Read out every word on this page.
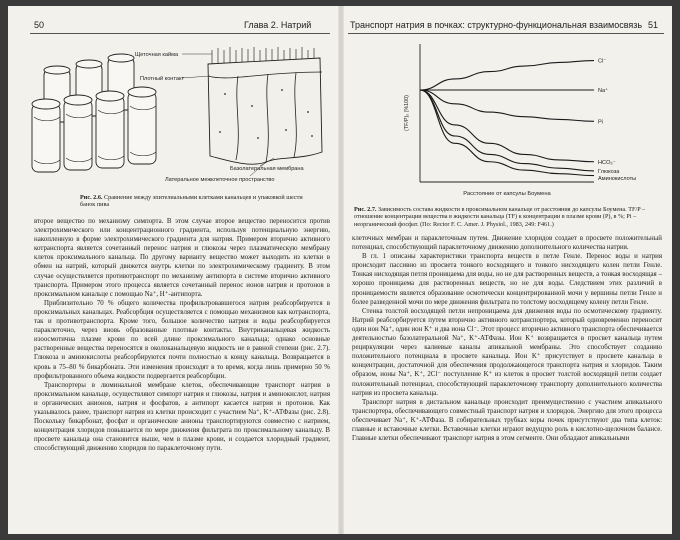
50	Глава 2. Натрий
Щеточная кайма
Плотный контакт
Базолатеральная мембрана
Латеральное межклеточное пространство
Рис. 2.6. Сравнение между эпителиальными клетками канальцев и упаковкой шести банок пива

второе вещество по механизму симпорта. В этом случае второе вещество переносится против электрохимического или концентрационного градиента, используя потенциальную энергию, накопленную в форме электрохимического градиента для натрия. Примером вторично активного котранспорта является сочетанный перенос натрия и глюкозы через плазматическую мембрану клеток проксимального канальца. По другому варианту вещество может выходить из клетки в обмен на натрий, который движется внутрь клетки по электрохимическому градиенту. В этом случае осуществляется противотранспорт по механизму антипорта в системе вторично активного транспорта. Примером этого процесса является сочетанный перенос ионов натрия и протонов в проксимальном канальце с помощью Na⁺, H⁺-антипорта.

Приблизительно 70 % общего количества профильтровавшегося натрия реабсорбируется в проксимальных канальцах. Реабсорбция осуществляется с помощью механизмов как котранспорта, так и противотранспорта. Кроме того, большое количество натрия и воды реабсорбируется параклеточно, через вновь образованные плотные контакты. Внутриканальцевая жидкость изоосмотична плазме крови по всей длине проксимального канальца; однако основные растворенные вещества переносятся в околоканальцевую жидкость не в равной степени (рис. 2.7). Глюкоза и аминокислоты реабсорбируются почти полностью к концу канальца. Возвращается в кровь в 75–80 % бикарбоната. Эти изменения происходят в то время, когда лишь примерно 50 % профильтрованного объема жидкости подвергается реабсорбции.

Транспортеры в люминальной мембране клеток, обеспечивающие транспорт натрия в проксимальном канальце, осуществляют симпорт натрия и глюкозы, натрия и аминокислот, натрия и органических анионов, натрия и фосфатов, а антипорт касается натрия и протонов. Как указывалось ранее, транспорт натрия из клетки происходит с участием Na⁺, K⁺-АТФазы (рис. 2.8). Поскольку бикарбонат, фосфат и органические анионы транспортируются совместно с натрием, концентрация хлоридов повышается по мере движения фильтрата по проксимальному канальцу. В просвете канальца она становится выше, чем в плазме крови, и создается хлоридный градиент, способствующий движению хлоридов по параклеточному пути.

Транспорт натрия в почках: структурно-функциональная взаимосвязь 51
(TF/P)ₓ (%100)
Расстояние от капсулы Боумена
Cl⁻
Na⁺
Pi
HCO₃⁻
Глюкоза
Аминокислоты
Рис. 2.7. Зависимость состава жидкости в проксимальном канальце от расстояния до капсулы Боумена. TF/P – отношение концентрации вещества в жидкости канальца (TF) к концентрации в плазме крови (P), в %; Pi – неорганический фосфат. (По: Rector F. C. Amer. J. Physiol., 1983, 249: F461.)

клеточных мембран и параклеточным путем. Движение хлоридов создает в просвете положительный потенциал, способствующий параклеточному движению дополнительного количества натрия.

В гл. 1 описаны характеристики транспорта веществ в петле Генле. Перенос воды и натрия происходит пассивно из просвета тонкого восходящего и тонкого нисходящего колен петли Генле. Тонкая нисходящая петля проницаема для воды, но не для растворенных веществ, а тонкая восходящая – хорошо проницаема для растворенных веществ, но не для воды. Следствием этих различий в проницаемости является образование осмотически концентрированной мочи у вершины петли Генле и более разведенной мочи по мере движения фильтрата по толстому восходящему колену петли Генле.

Стенка толстой восходящей петли непроницаема для движения воды по осмотическому градиенту. Натрий реабсорбируется путем вторично активного котранспортера, который одновременно переносит один ион Na⁺, один ион K⁺ и два иона Cl⁻. Этот процесс вторично активного транспорта обеспечивается деятельностью базолатеральной Na⁺, K⁺-АТФазы. Ион K⁺ возвращается в просвет канальца путем рециркуляции через калиевые каналы апикальной мембраны. Это способствует созданию положительного потенциала в просвете канальца. Ион K⁺ присутствует в просвете канальца в концентрации, достаточной для обеспечения продолжающегося транспорта натрия и хлоридов. Таким образом, ионы Na⁺, K⁺, 2Cl⁻ поступление K⁺ из клеток в просвет толстой восходящей петли создает положительный потенциал, способствующий параклеточному транспорту дополнительного количества натрия из просвета канальца.

Транспорт натрия в дистальном канальце происходит преимущественно с участием апикального транспортера, обеспечивающего совместный транспорт натрия и хлоридов. Энергию для этого процесса обеспечивает Na⁺, K⁺-АТФаза. В собирательных трубках коры почек присутствуют два типа клеток: главные и вставочные клетки. Вставочные клетки играют ведущую роль в кислотно-щелочном балансе. Главные клетки обеспечивают транспорт натрия в этом сегменте. Они обладают апикальными
